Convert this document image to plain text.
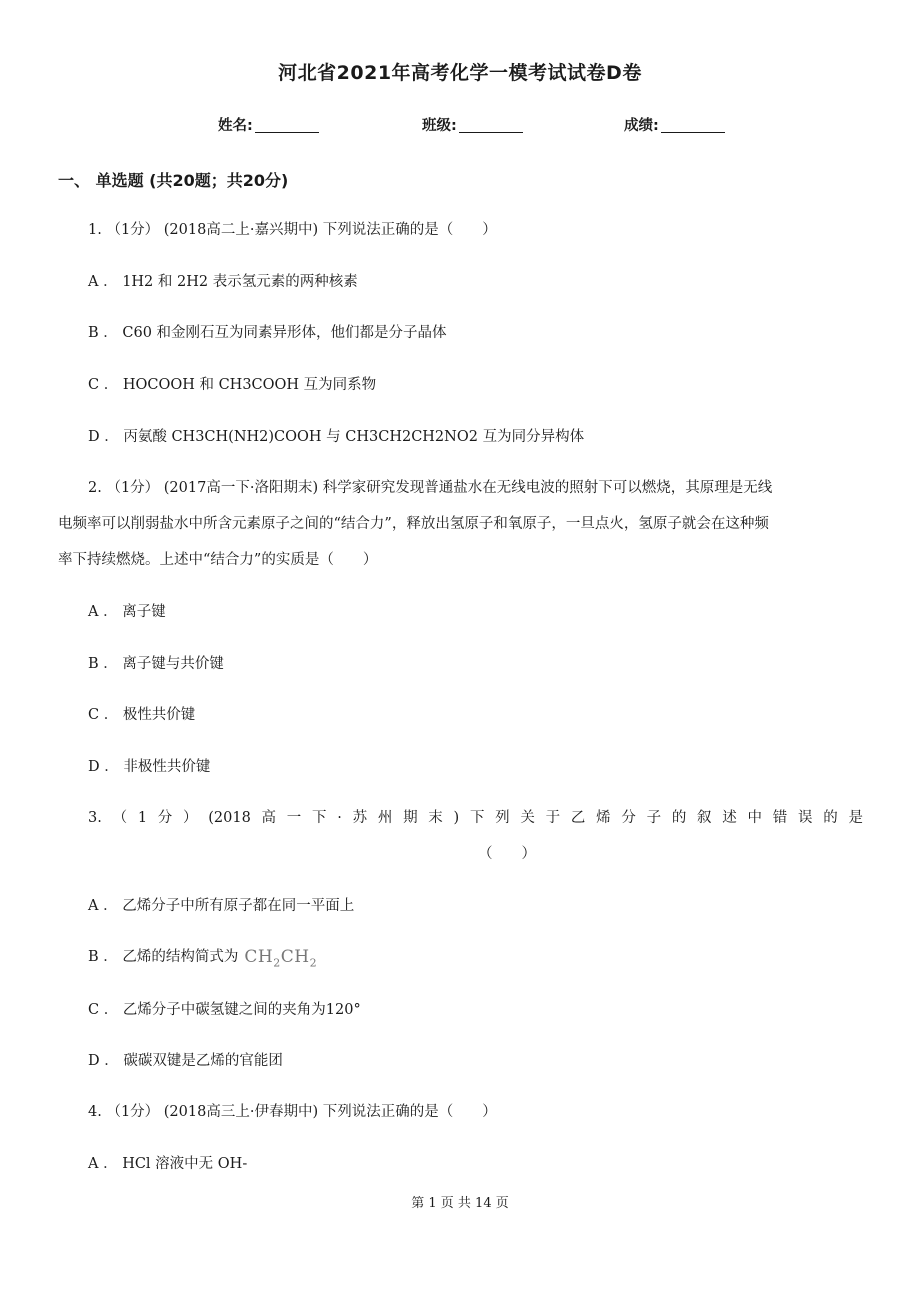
河北省2021年高考化学一模考试试卷D卷
姓名:	班级:	成绩:
一、 单选题 (共20题；共20分)
1. （1分） (2018高二上·嘉兴期中) 下列说法正确的是（　　）
A ． 1H2 和 2H2 表示氢元素的两种核素
B ． C60 和金刚石互为同素异形体，他们都是分子晶体
C ． HOCOOH 和 CH3COOH 互为同系物
D ． 丙氨酸 CH3CH(NH2)COOH 与 CH3CH2CH2NO2 互为同分异构体
2. （1分） (2017高一下·洛阳期末) 科学家研究发现普通盐水在无线电波的照射下可以燃烧，其原理是无线
电频率可以削弱盐水中所含元素原子之间的“结合力”，释放出氢原子和氧原子，一旦点火，氢原子就会在这种频
率下持续燃烧。上述中“结合力”的实质是（　　）
A ． 离子键
B ． 离子键与共价键
C ． 极性共价键
D ． 非极性共价键
3. （ 1 分 ） (2018 高 一 下 · 苏 州 期 末 ) 下 列 关 于 乙 烯 分 子 的 叙 述 中 错 误 的 是
（　　）
A ． 乙烯分子中所有原子都在同一平面上
B ． 乙烯的结构简式为 $CH_2CH_2$
C ． 乙烯分子中碳氢键之间的夹角为120°
D ． 碳碳双键是乙烯的官能团
4. （1分） (2018高三上·伊春期中) 下列说法正确的是（　　）
A ． HCl 溶液中无 OH-
第 1 页 共 14 页
